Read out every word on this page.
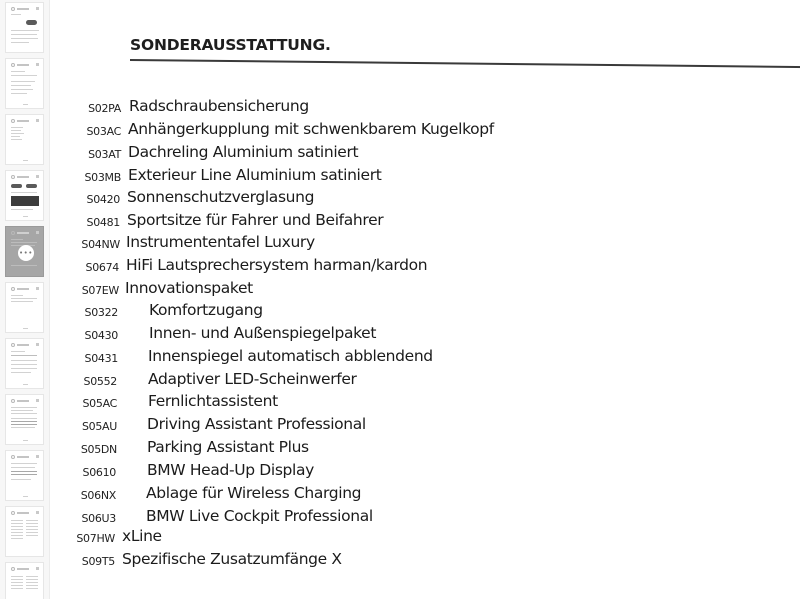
•••
SONDERAUSSTATTUNG.
S02PA Radschraubensicherung
S03AC Anhängerkupplung mit schwenkbarem Kugelkopf
S03AT Dachreling Aluminium satiniert
S03MB Exterieur Line Aluminium satiniert
S0420 Sonnenschutzverglasung
S0481 Sportsitze für Fahrer und Beifahrer
S04NW Instrumententafel Luxury
S0674 HiFi Lautsprechersystem harman/kardon
S07EW Innovationspaket
S0322 Komfortzugang
S0430 Innen- und Außenspiegelpaket
S0431 Innenspiegel automatisch abblendend
S0552 Adaptiver LED-Scheinwerfer
S05AC Fernlichtassistent
S05AU Driving Assistant Professional
S05DN Parking Assistant Plus
S0610 BMW Head-Up Display
S06NX Ablage für Wireless Charging
S06U3 BMW Live Cockpit Professional
S07HW xLine
S09T5 Spezifische Zusatzumfänge X
